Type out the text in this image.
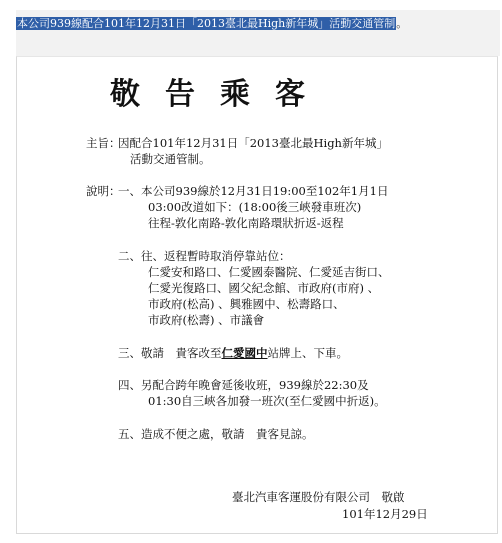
本公司939線配合101年12月31日「2013臺北最High新年城」活動交通管制。
敬告乘客
主旨：
因配合101年12月31日「2013臺北最High新年城」
活動交通管制。
說明：
一、本公司939線於12月31日19:00至102年1月1日
03:00改道如下：(18:00後三峽發車班次)
往程-敦化南路-敦化南路環狀折返-返程
二、往、返程暫時取消停靠站位：
仁愛安和路口、仁愛國泰醫院、仁愛延吉街口、
仁愛光復路口、國父紀念館、市政府(市府) 、
市政府(松高) 、興雅國中、松壽路口、
市政府(松壽) 、市議會
三、敬請　貴客改至仁愛國中站牌上、下車。
四、另配合跨年晚會延後收班，939線於22:30及
01:30自三峽各加發一班次(至仁愛國中折返)。
五、造成不便之處，敬請　貴客見諒。
臺北汽車客運股份有限公司　敬啟
101年12月29日
